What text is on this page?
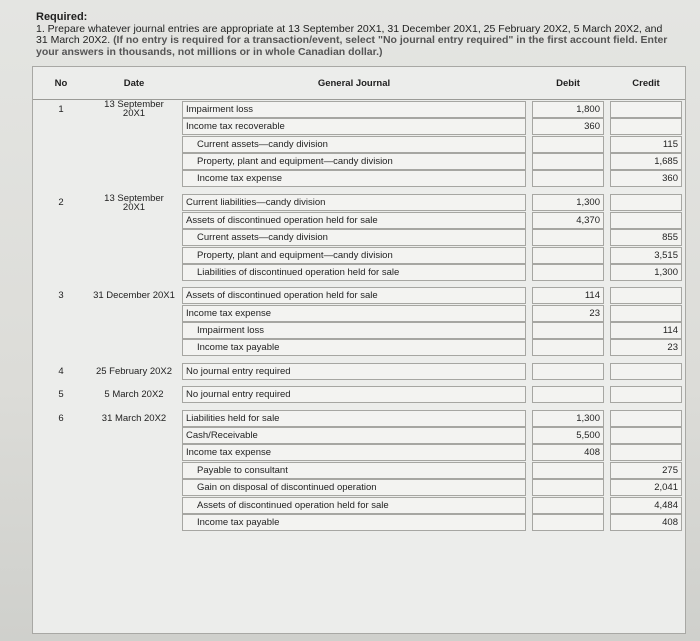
Required:
1. Prepare whatever journal entries are appropriate at 13 September 20X1, 31 December 20X1, 25 February 20X2, 5 March 20X2, and 31 March 20X2. (If no entry is required for a transaction/event, select "No journal entry required" in the first account field. Enter your answers in thousands, not millions or in whole Canadian dollar.)
No	Date	General Journal	Debit	Credit
1	13 September 20X1	Impairment loss	1,800	

		Income tax recoverable	360	

		Current assets—candy division		115

		Property, plant and equipment—candy division		1,685

		Income tax expense		360

2	13 September 20X1	Current liabilities—candy division	1,300	

		Assets of discontinued operation held for sale	4,370	

		Current assets—candy division		855

		Property, plant and equipment—candy division		3,515

		Liabilities of discontinued operation held for sale		1,300

3	31 December 20X1	Assets of discontinued operation held for sale	114	

		Income tax expense	23	

		Impairment loss		114

		Income tax payable		23

4	25 February 20X2	No journal entry required		

5	5 March 20X2	No journal entry required		

6	31 March 20X2	Liabilities held for sale	1,300	

		Cash/Receivable	5,500	

		Income tax expense	408	

		Payable to consultant		275

		Gain on disposal of discontinued operation		2,041

		Assets of discontinued operation held for sale		4,484

		Income tax payable		408
